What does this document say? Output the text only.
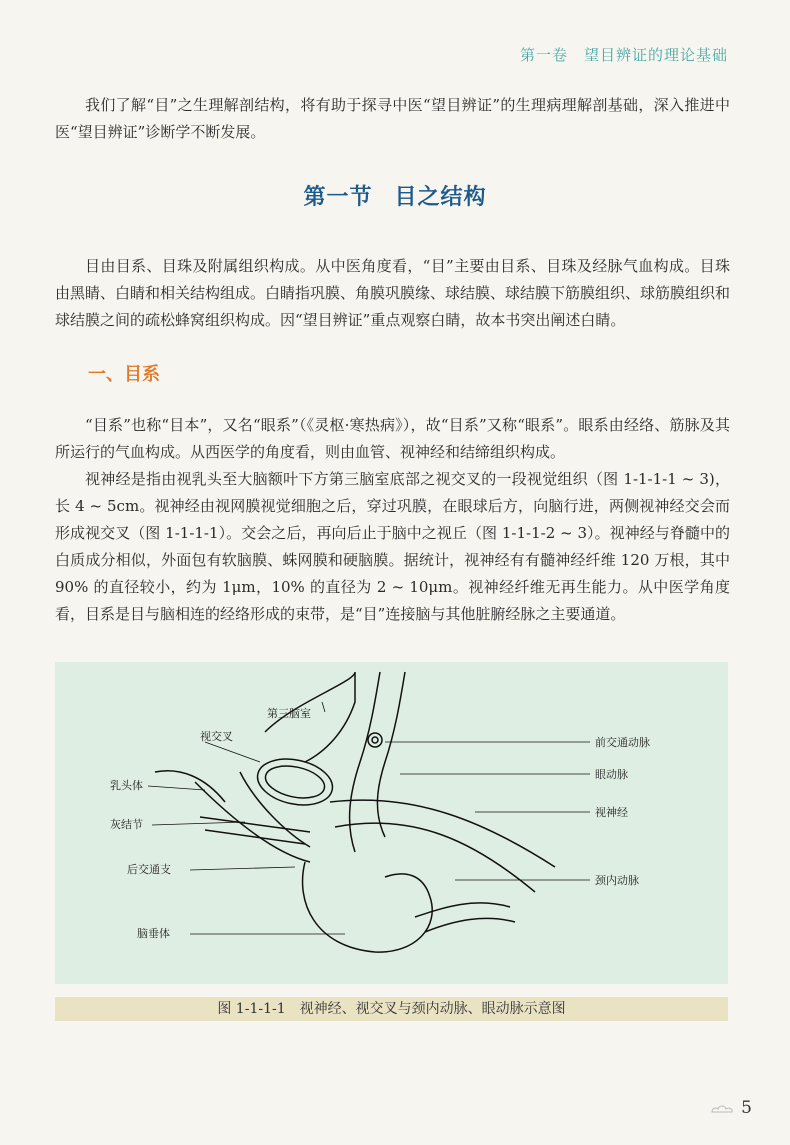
第一卷　望目辨证的理论基础

我们了解“目”之生理解剖结构，将有助于探寻中医“望目辨证”的生理病理解剖基础，深入推进中医“望目辨证”诊断学不断发展。

第一节 目之结构

目由目系、目珠及附属组织构成。从中医角度看，“目”主要由目系、目珠及经脉气血构成。目珠由黑睛、白睛和相关结构组成。白睛指巩膜、角膜巩膜缘、球结膜、球结膜下筋膜组织、球筋膜组织和球结膜之间的疏松蜂窝组织构成。因“望目辨证”重点观察白睛，故本书突出阐述白睛。

一、目系

“目系”也称“目本”，又名“眼系”（《灵枢·寒热病》），故“目系”又称“眼系”。眼系由经络、筋脉及其所运行的气血构成。从西医学的角度看，则由血管、视神经和结缔组织构成。

视神经是指由视乳头至大脑额叶下方第三脑室底部之视交叉的一段视觉组织（图 1-1-1-1 ~ 3)，长 4 ~ 5cm。视神经由视网膜视觉细胞之后，穿过巩膜，在眼球后方，向脑行进，两侧视神经交会而形成视交叉（图 1-1-1-1）。交会之后，再向后止于脑中之视丘（图 1-1-1-2 ~ 3）。视神经与脊髓中的白质成分相似，外面包有软脑膜、蛛网膜和硬脑膜。据统计，视神经有有髓神经纤维 120 万根，其中 90% 的直径较小，约为 1μm，10% 的直径为 2 ~ 10μm。视神经纤维无再生能力。从中医学角度看，目系是目与脑相连的经络形成的束带，是“目”连接脑与其他脏腑经脉之主要通道。

第三脑室
视交叉
乳头体
灰结节
后交通支
脑垂体
前交通动脉
眼动脉
视神经
颈内动脉
图 1-1-1-1　视神经、视交叉与颈内动脉、眼动脉示意图
5
